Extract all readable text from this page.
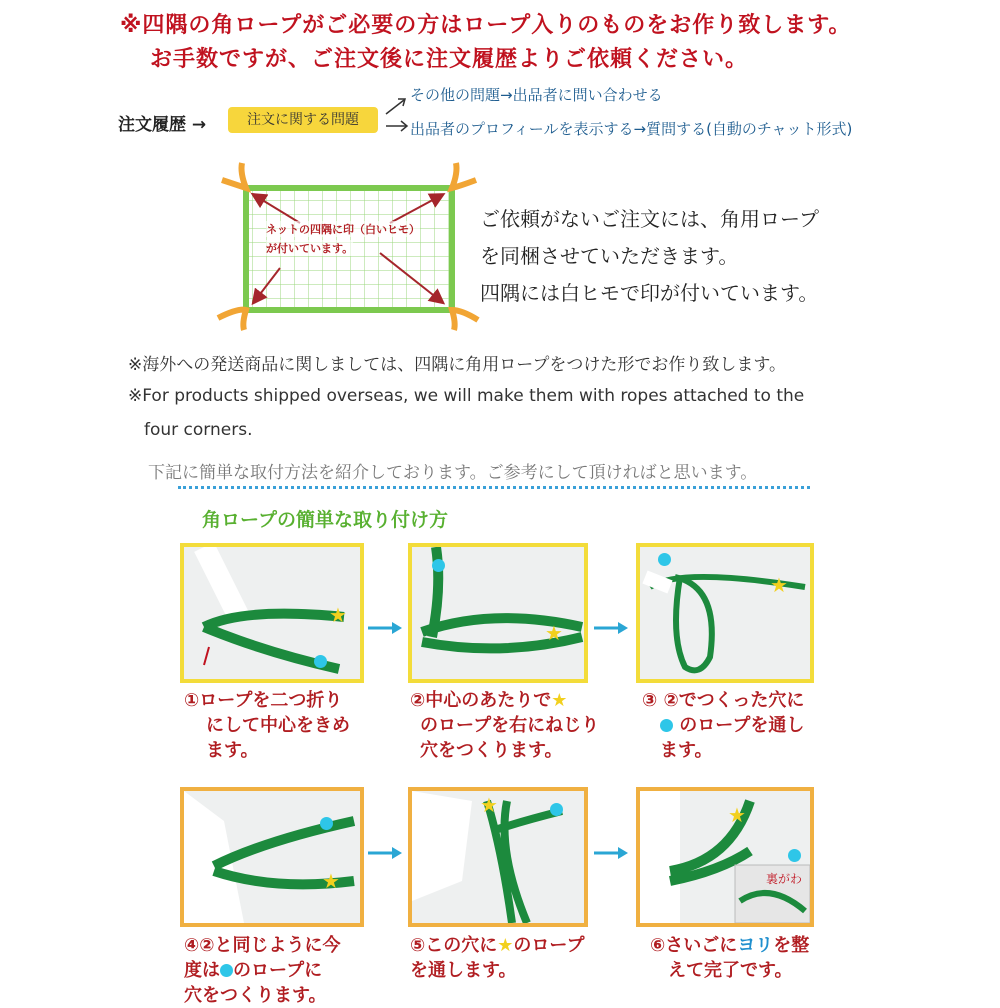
※四隅の角ロープがご必要の方はロープ入りのものをお作り致します。
お手数ですが、ご注文後に注文履歴よりご依頼ください。
注文履歴 →	注文に関する問題
その他の問題→出品者に問い合わせる
出品者のプロフィールを表示する→質問する(自動のチャット形式)
ネットの四隅に印（白いヒモ）
が付いています。
ご依頼がないご注文には、角用ロープ
を同梱させていただきます。
四隅には白ヒモで印が付いています。
※海外への発送商品に関しましては、四隅に角用ロープをつけた形でお作り致します。
※For products shipped overseas, we will make them with ropes attached to the
four corners.
下記に簡単な取付方法を紹介しております。ご参考にして頂ければと思います。
角ロープの簡単な取り付け方
★
★
★
①ロープを二つ折り
にして中心をきめ
ます。
②中心のあたりで★
のロープを右にねじり
穴をつくります。
③ ②でつくった穴に
のロープを通し
ます。
★
★	★
裏がわ
④②と同じように今
度は のロープに
穴をつくります。
⑤この穴に★のロープ
を通します。
⑥さいごにヨリを整
えて完了です。
